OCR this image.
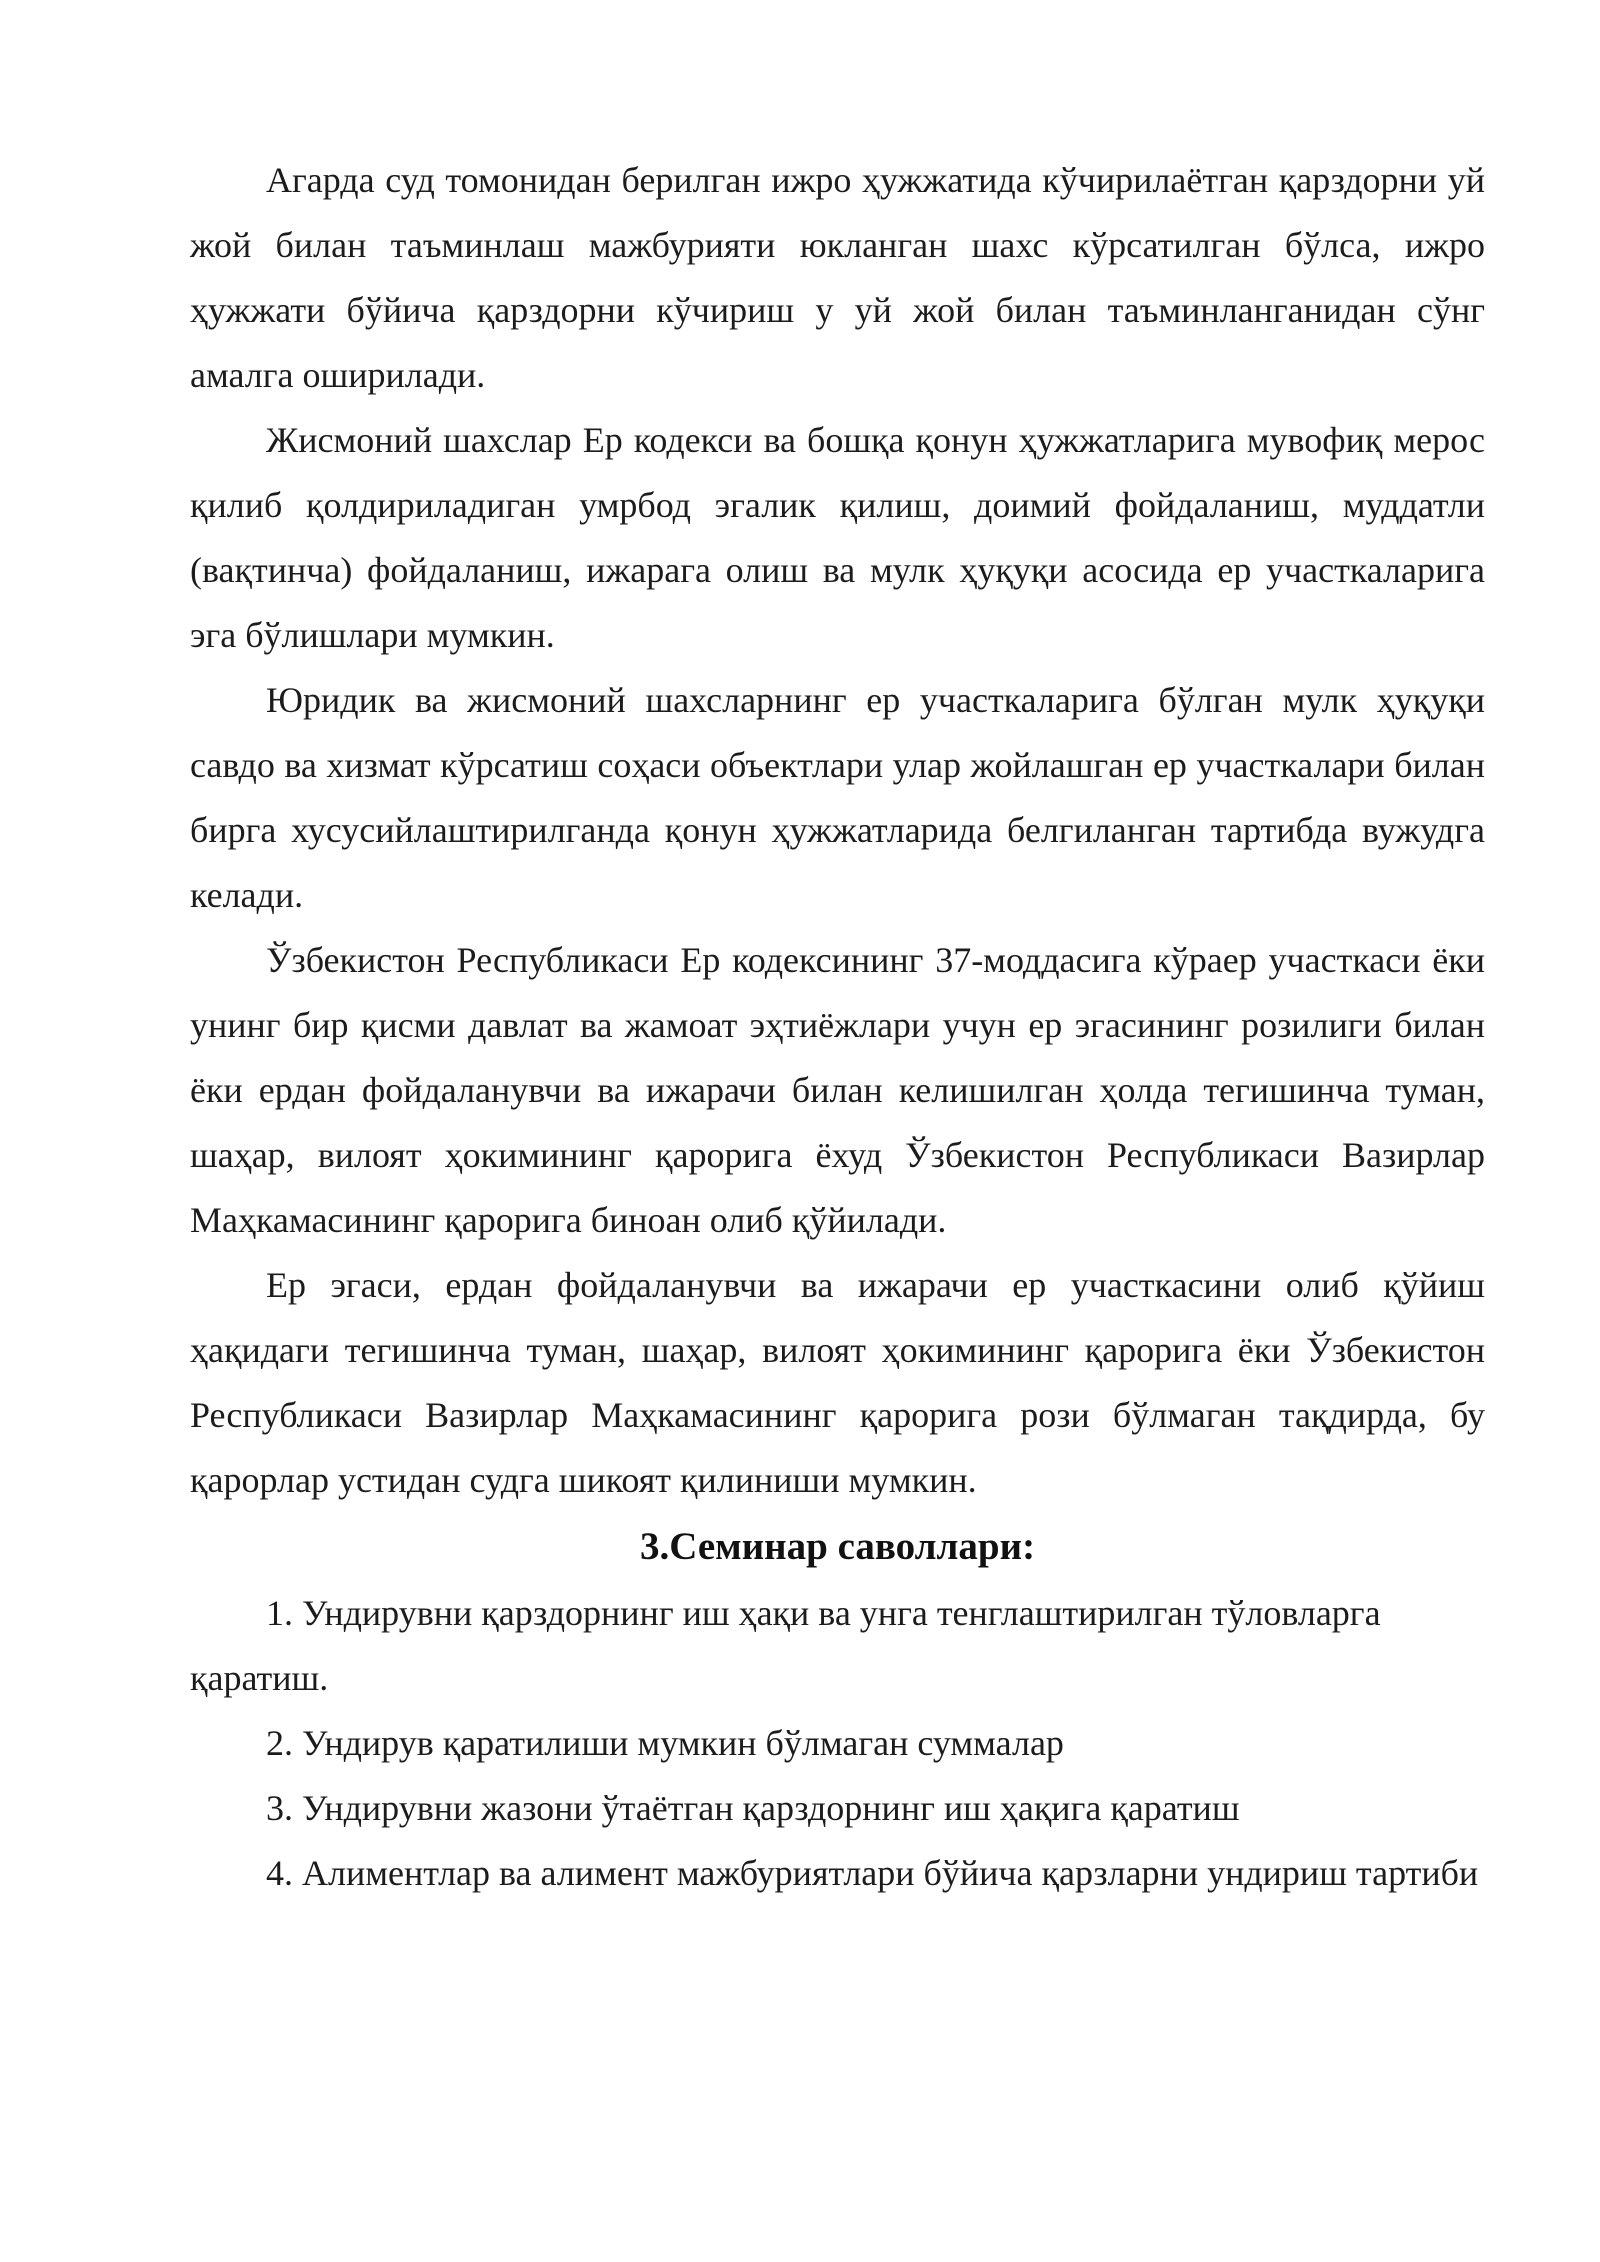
Агарда суд томонидан берилган ижро ҳужжатида кўчирилаётган қарздорни уй жой билан таъминлаш мажбурияти юкланган шахс кўрсатилган бўлса, ижро ҳужжати бўйича қарздорни кўчириш у уй жой билан таъминланганидан сўнг амалга оширилади.

Жисмоний шахслар Ер кодекси ва бошқа қонун ҳужжатларига мувофиқ мерос қилиб қолдириладиган умрбод эгалик қилиш, доимий фойдаланиш, муддатли (вақтинча) фойдаланиш, ижарага олиш ва мулк ҳуқуқи асосида ер участкаларига эга бўлишлари мумкин.

Юридик ва жисмоний шахсларнинг ер участкаларига бўлган мулк ҳуқуқи савдо ва хизмат кўрсатиш соҳаси объектлари улар жойлашган ер участкалари билан бирга хусусийлаштирилганда қонун ҳужжатларида белгиланган тартибда вужудга келади.

Ўзбекистон Республикаси Ер кодексининг 37-моддасига кўраер участкаси ёки унинг бир қисми давлат ва жамоат эҳтиёжлари учун ер эгасининг розилиги билан ёки ердан фойдаланувчи ва ижарачи билан келишилган ҳолда тегишинча туман, шаҳар, вилоят ҳокимининг қарорига ёхуд Ўзбекистон Республикаси Вазирлар Маҳкамасининг қарорига биноан олиб қўйилади.

Ер эгаси, ердан фойдаланувчи ва ижарачи ер участкасини олиб қўйиш ҳақидаги тегишинча туман, шаҳар, вилоят ҳокимининг қарорига ёки Ўзбекистон Республикаси Вазирлар Маҳкамасининг қарорига рози бўлмаган тақдирда, бу қарорлар устидан судга шикоят қилиниши мумкин.

3.Семинар саволлари:

1. Ундирувни қарздорнинг иш ҳақи ва унга тенглаштирилган тўловларга қаратиш.

2. Ундирув қаратилиши мумкин бўлмаган суммалар

3. Ундирувни жазони ўтаётган қарздорнинг иш ҳақига қаратиш

4. Алиментлар ва алимент мажбуриятлари бўйича қарзларни ундириш тартиби
